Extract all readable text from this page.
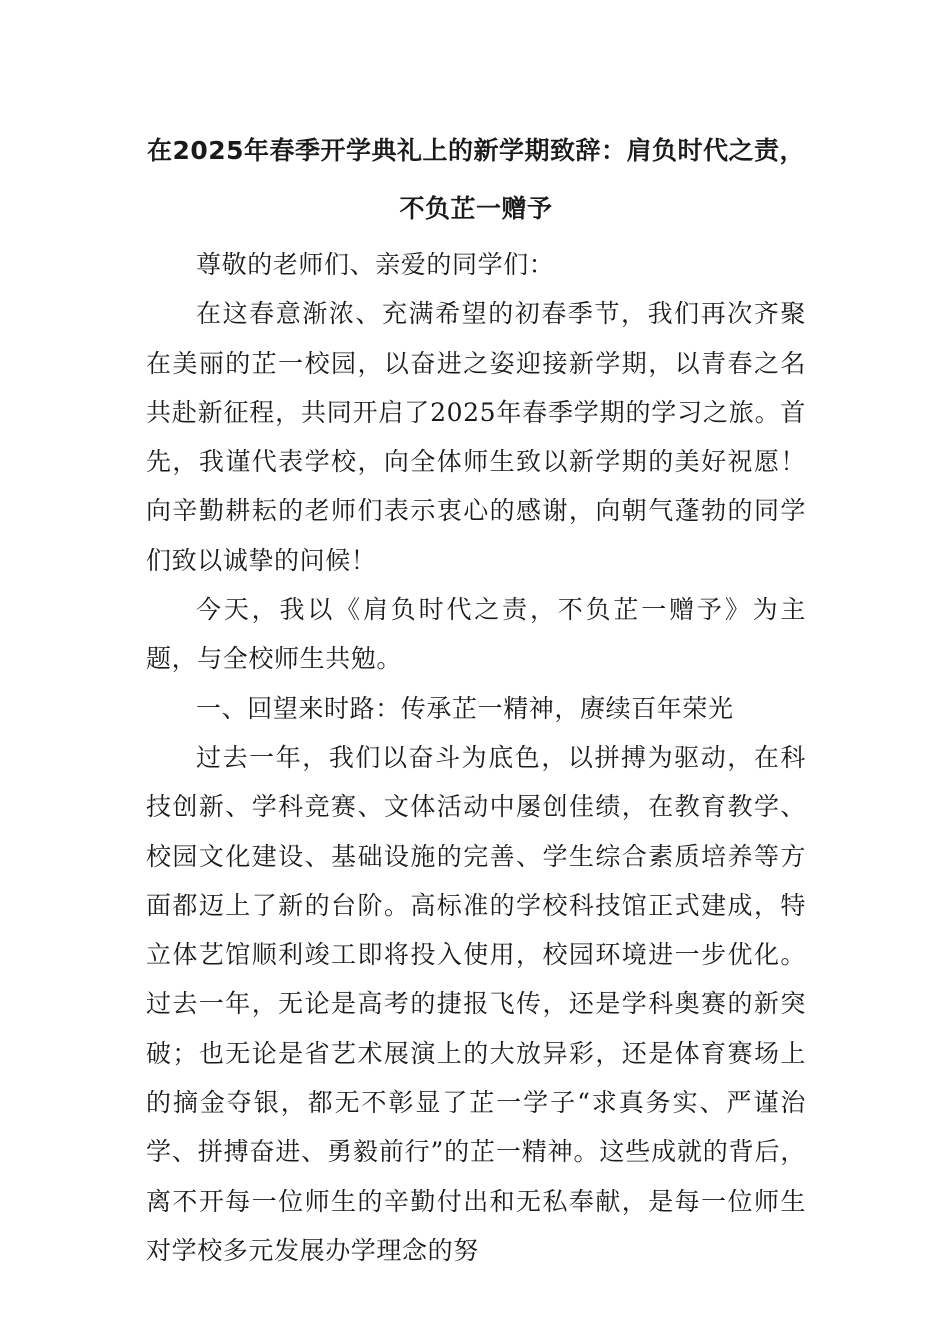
在2025年春季开学典礼上的新学期致辞：肩负时代之责，不负芷一赠予

尊敬的老师们、亲爱的同学们：

在这春意渐浓、充满希望的初春季节，我们再次齐聚在美丽的芷一校园，以奋进之姿迎接新学期，以青春之名共赴新征程，共同开启了2025年春季学期的学习之旅。首先，我谨代表学校，向全体师生致以新学期的美好祝愿！向辛勤耕耘的老师们表示衷心的感谢，向朝气蓬勃的同学们致以诚挚的问候！

今天，我以《肩负时代之责，不负芷一赠予》为主题，与全校师生共勉。

一、回望来时路：传承芷一精神，赓续百年荣光

过去一年，我们以奋斗为底色，以拼搏为驱动，在科技创新、学科竞赛、文体活动中屡创佳绩，在教育教学、校园文化建设、基础设施的完善、学生综合素质培养等方面都迈上了新的台阶。高标准的学校科技馆正式建成，特立体艺馆顺利竣工即将投入使用，校园环境进一步优化。过去一年，无论是高考的捷报飞传，还是学科奥赛的新突破；也无论是省艺术展演上的大放异彩，还是体育赛场上的摘金夺银，都无不彰显了芷一学子“求真务实、严谨治学、拼搏奋进、勇毅前行”的芷一精神。这些成就的背后，离不开每一位师生的辛勤付出和无私奉献，是每一位师生对学校多元发展办学理念的努
